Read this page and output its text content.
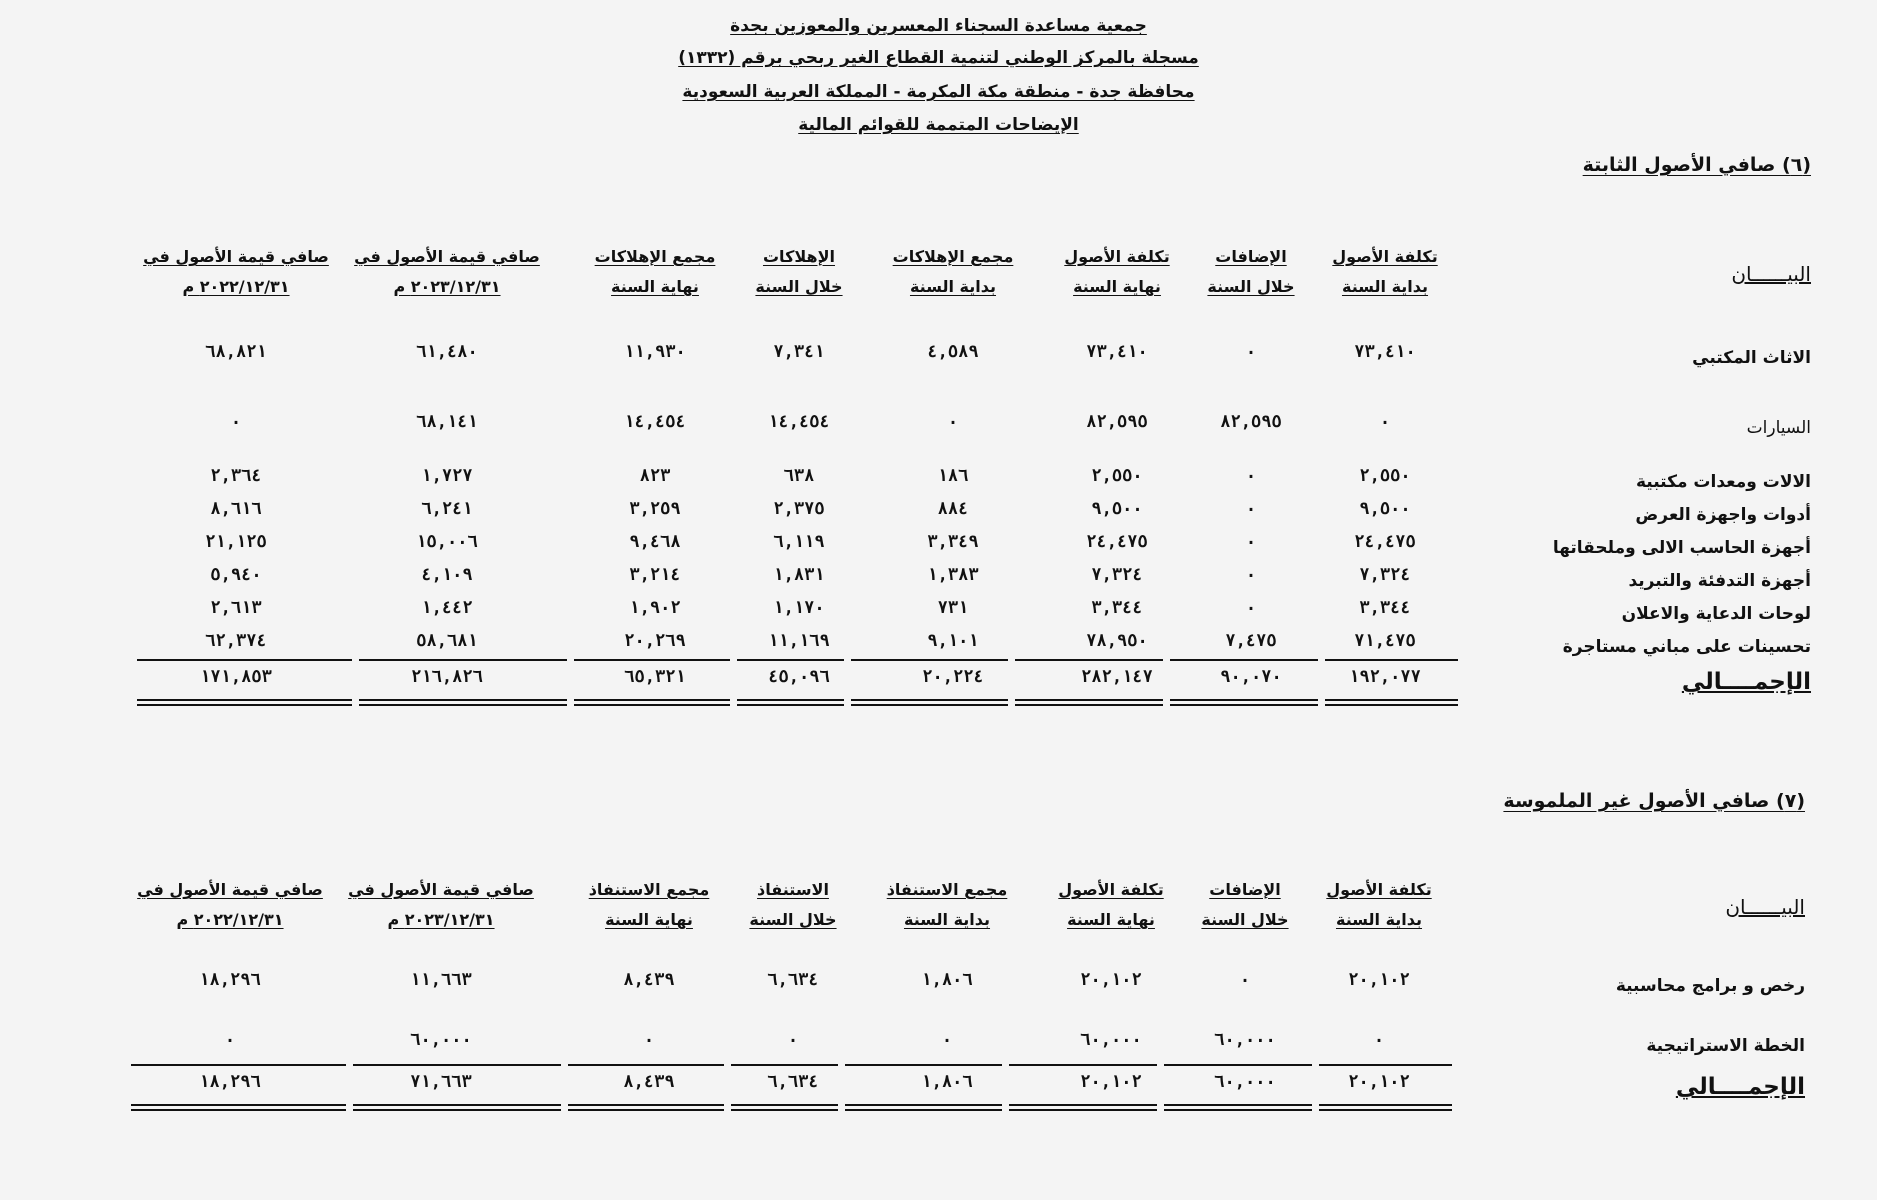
جمعية مساعدة السجناء المعسرين والمعوزين بجدة
مسجلة بالمركز الوطني لتنمية القطاع الغير ربحي برقم (١٣٣٢)
محافظة جدة - منطقة مكة المكرمة - المملكة العربية السعودية
الإيضاحات المتممة للقوائم المالية
(٦) صافي الأصول الثابتة
(٧) صافي الأصول غير الملموسة
البيــــــان
تكلفة الأصول
بداية السنة
الإضافات
خلال السنة
تكلفة الأصول
نهاية السنة
مجمع الإهلاكات
بداية السنة
الإهلاكات
خلال السنة
مجمع الإهلاكات
نهاية السنة
صافي قيمة الأصول في
٢٠٢٣/١٢/٣١ م
صافي قيمة الأصول في
٢٠٢٢/١٢/٣١ م
الاثاث المكتبي
٧٣,٤١٠
٠
٧٣,٤١٠
٤,٥٨٩
٧,٣٤١
١١,٩٣٠
٦١,٤٨٠
٦٨,٨٢١
السيارات
٠
٨٢,٥٩٥
٨٢,٥٩٥
٠
١٤,٤٥٤
١٤,٤٥٤
٦٨,١٤١
٠
الالات ومعدات مكتبية
٢,٥٥٠
٠
٢,٥٥٠
١٨٦
٦٣٨
٨٢٣
١,٧٢٧
٢,٣٦٤
أدوات واجهزة العرض
٩,٥٠٠
٠
٩,٥٠٠
٨٨٤
٢,٣٧٥
٣,٢٥٩
٦,٢٤١
٨,٦١٦
أجهزة الحاسب الالى وملحقاتها
٢٤,٤٧٥
٠
٢٤,٤٧٥
٣,٣٤٩
٦,١١٩
٩,٤٦٨
١٥,٠٠٦
٢١,١٢٥
أجهزة التدفئة والتبريد
٧,٣٢٤
٠
٧,٣٢٤
١,٣٨٣
١,٨٣١
٣,٢١٤
٤,١٠٩
٥,٩٤٠
لوحات الدعاية والاعلان
٣,٣٤٤
٠
٣,٣٤٤
٧٣١
١,١٧٠
١,٩٠٢
١,٤٤٢
٢,٦١٣
تحسينات على مباني مستاجرة
٧١,٤٧٥
٧,٤٧٥
٧٨,٩٥٠
٩,١٠١
١١,١٦٩
٢٠,٢٦٩
٥٨,٦٨١
٦٢,٣٧٤
١٩٢,٠٧٧
٩٠,٠٧٠
٢٨٢,١٤٧
٢٠,٢٢٤
٤٥,٠٩٦
٦٥,٣٢١
٢١٦,٨٢٦
١٧١,٨٥٣	الإجمــــالي
البيــــــان
تكلفة الأصول
بداية السنة
الإضافات
خلال السنة
تكلفة الأصول
نهاية السنة
مجمع الاستنفاذ
بداية السنة
الاستنفاذ
خلال السنة
مجمع الاستنفاذ
نهاية السنة
صافي قيمة الأصول في
٢٠٢٣/١٢/٣١ م
صافي قيمة الأصول في
٢٠٢٢/١٢/٣١ م
رخص و برامج محاسبية
٢٠,١٠٢
٠
٢٠,١٠٢
١,٨٠٦
٦,٦٣٤
٨,٤٣٩
١١,٦٦٣
١٨,٢٩٦
الخطة الاستراتيجية
٠
٦٠,٠٠٠
٦٠,٠٠٠
٠
٠
٠
٦٠,٠٠٠
٠
٢٠,١٠٢
٦٠,٠٠٠
٢٠,١٠٢
١,٨٠٦
٦,٦٣٤
٨,٤٣٩
٧١,٦٦٣
١٨,٢٩٦	الإجمــــالي
